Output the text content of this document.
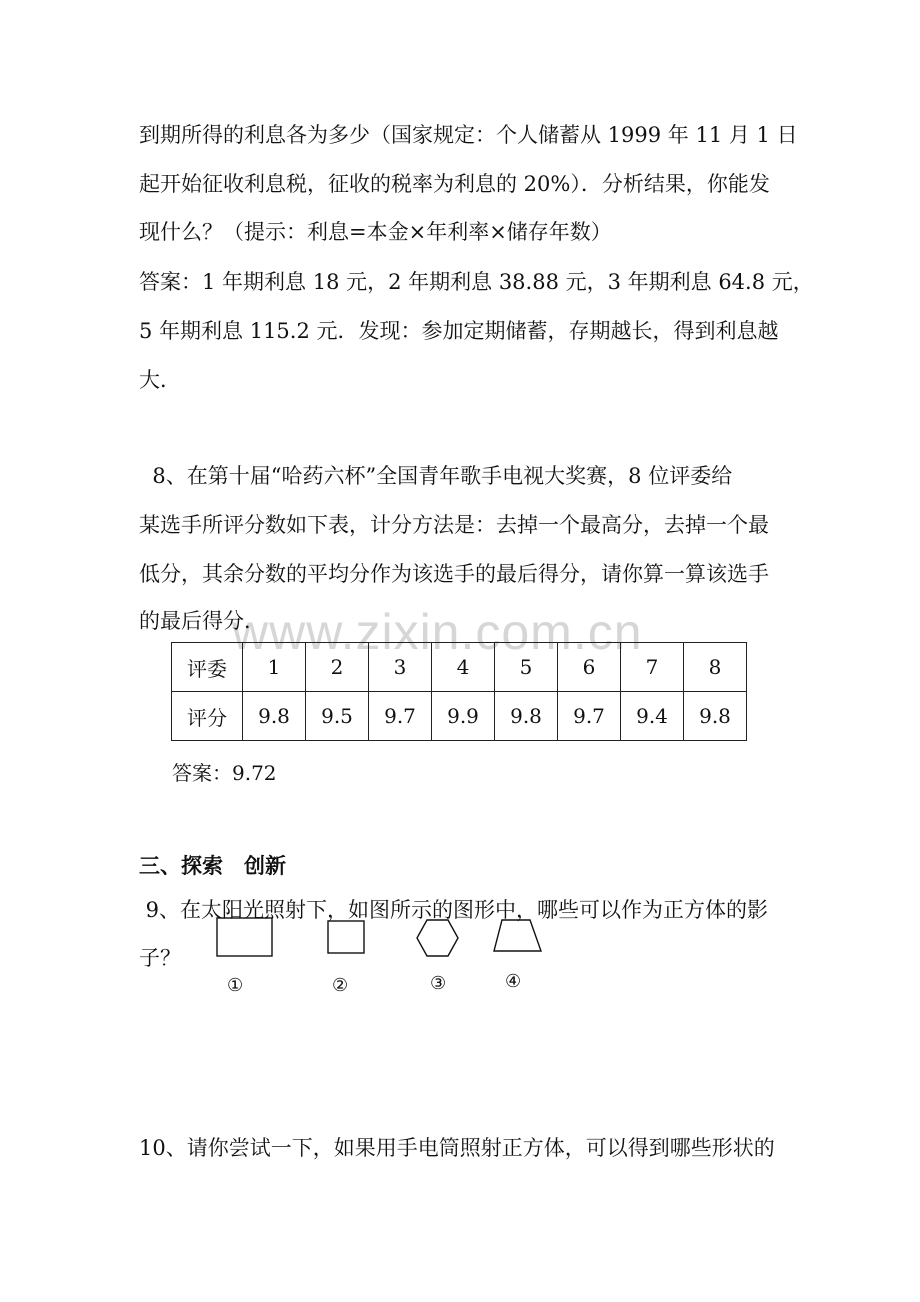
www.zixin.com.cn
到期所得的利息各为多少（国家规定：个人储蓄从 1999 年 11 月 1 日
起开始征收利息税，征收的税率为利息的 20%）．分析结果，你能发
现什么？（提示：利息=本金×年利率×储存年数）
答案：1 年期利息 18 元，2 年期利息 38.88 元，3 年期利息 64.8 元，
5 年期利息 115.2 元．发现：参加定期储蓄，存期越长，得到利息越
大．
8、在第十届“哈药六杯”全国青年歌手电视大奖赛，8 位评委给
某选手所评分数如下表，计分方法是：去掉一个最高分，去掉一个最
低分，其余分数的平均分作为该选手的最后得分，请你算一算该选手
的最后得分．
评委	1	2	3	4	5	6	7	8
评分	9.8	9.5	9.7	9.9	9.8	9.7	9.4	9.8
答案：9.72
三、探索　创新
9、在太阳光照射下，如图所示的图形中，哪些可以作为正方体的影
子？
①	②	③	④
10、请你尝试一下，如果用手电筒照射正方体，可以得到哪些形状的
